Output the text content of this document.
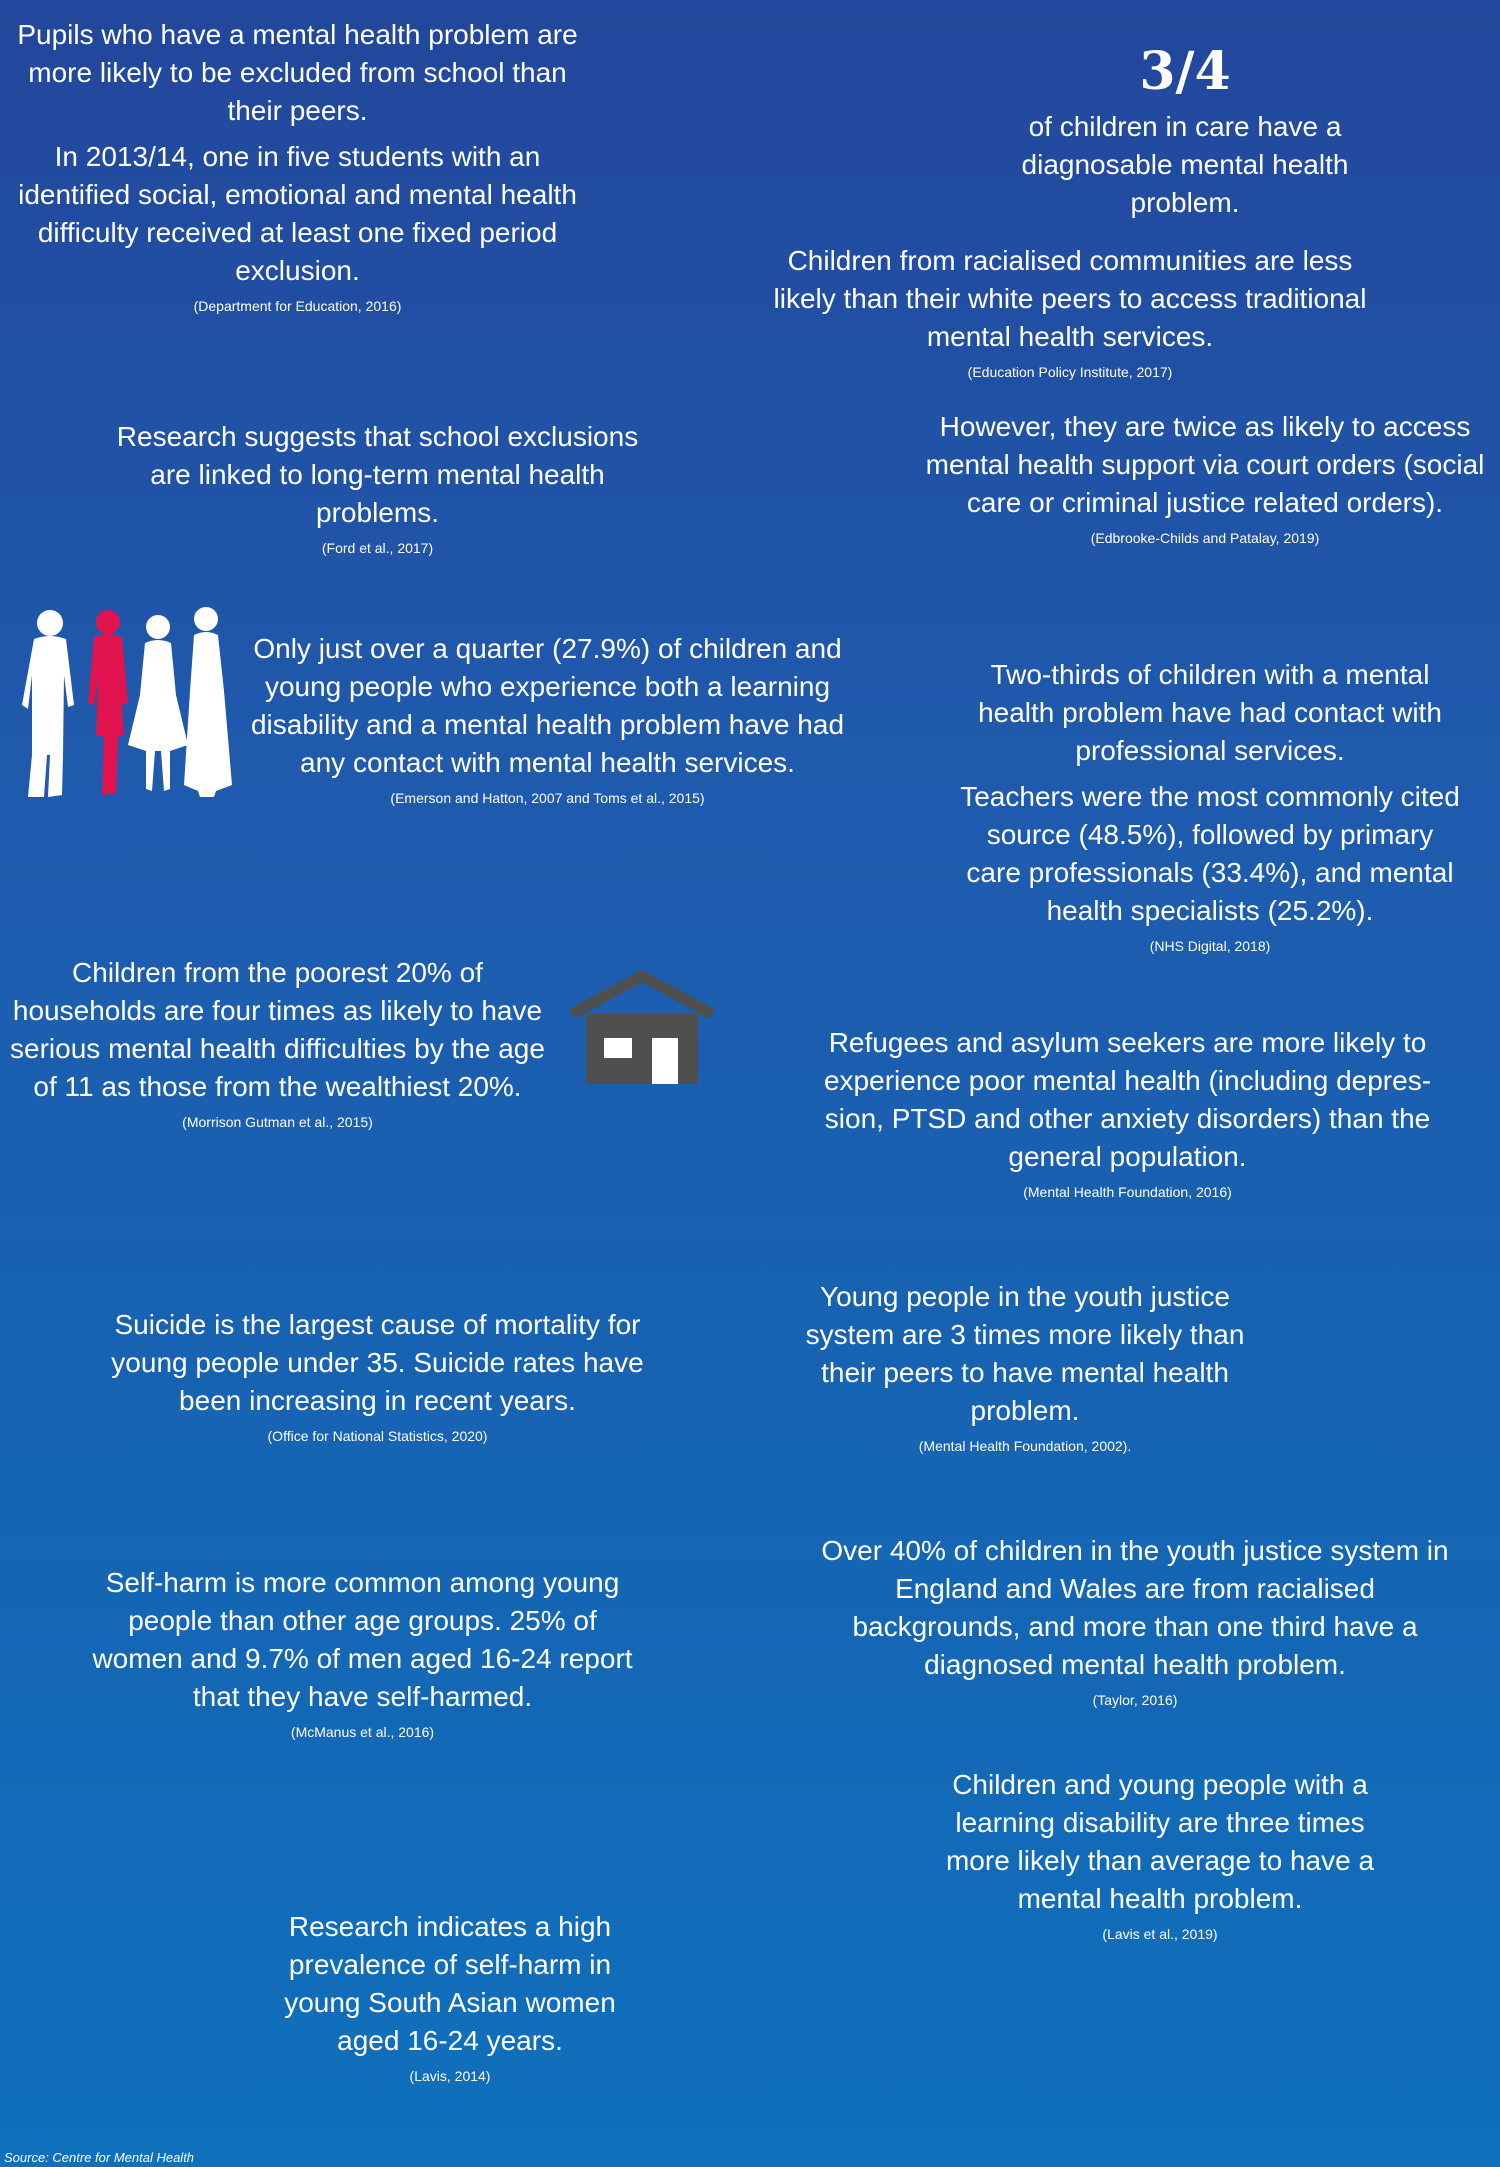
Pupils who have a mental health problem are more likely to be excluded from school than their peers.

In 2013/14, one in five students with an identified social, emotional and mental health difficulty received at least one fixed period exclusion.

(Department for Education, 2016)
3/4

of children in care have a diagnosable mental health problem.

Children from racialised communities are less likely than their white peers to access traditional mental health services.

(Education Policy Institute, 2017)

Research suggests that school exclusions are linked to long-term mental health problems.

(Ford et al., 2017)

However, they are twice as likely to access mental health support via court orders (social care or criminal justice related orders).

(Edbrooke-Childs and Patalay, 2019)

Only just over a quarter (27.9%) of children and young people who experience both a learning disability and a mental health problem have had any contact with mental health services.

(Emerson and Hatton, 2007 and Toms et al., 2015)

Two-thirds of children with a mental health problem have had contact with professional services.

Teachers were the most commonly cited source (48.5%), followed by primary care professionals (33.4%), and mental health specialists (25.2%).

(NHS Digital, 2018)

Children from the poorest 20% of households are four times as likely to have serious mental health difficulties by the age of 11 as those from the wealthiest 20%.

(Morrison Gutman et al., 2015)

Refugees and asylum seekers are more likely to experience poor mental health (including depres- sion, PTSD and other anxiety disorders) than the general population.

(Mental Health Foundation, 2016)

Young people in the youth justice system are 3 times more likely than their peers to have mental health problem.

(Mental Health Foundation, 2002).

Suicide is the largest cause of mortality for young people under 35. Suicide rates have been increasing in recent years.

(Office for National Statistics, 2020)

Over 40% of children in the youth justice system in England and Wales are from racialised backgrounds, and more than one third have a diagnosed mental health problem.

(Taylor, 2016)

Self-harm is more common among young people than other age groups. 25% of women and 9.7% of men aged 16-24 report that they have self-harmed.

(McManus et al., 2016)

Children and young people with a learning disability are three times more likely than average to have a mental health problem.

(Lavis et al., 2019)

Research indicates a high prevalence of self-harm in young South Asian women aged 16-24 years.

(Lavis, 2014)
Source: Centre for Mental Health
